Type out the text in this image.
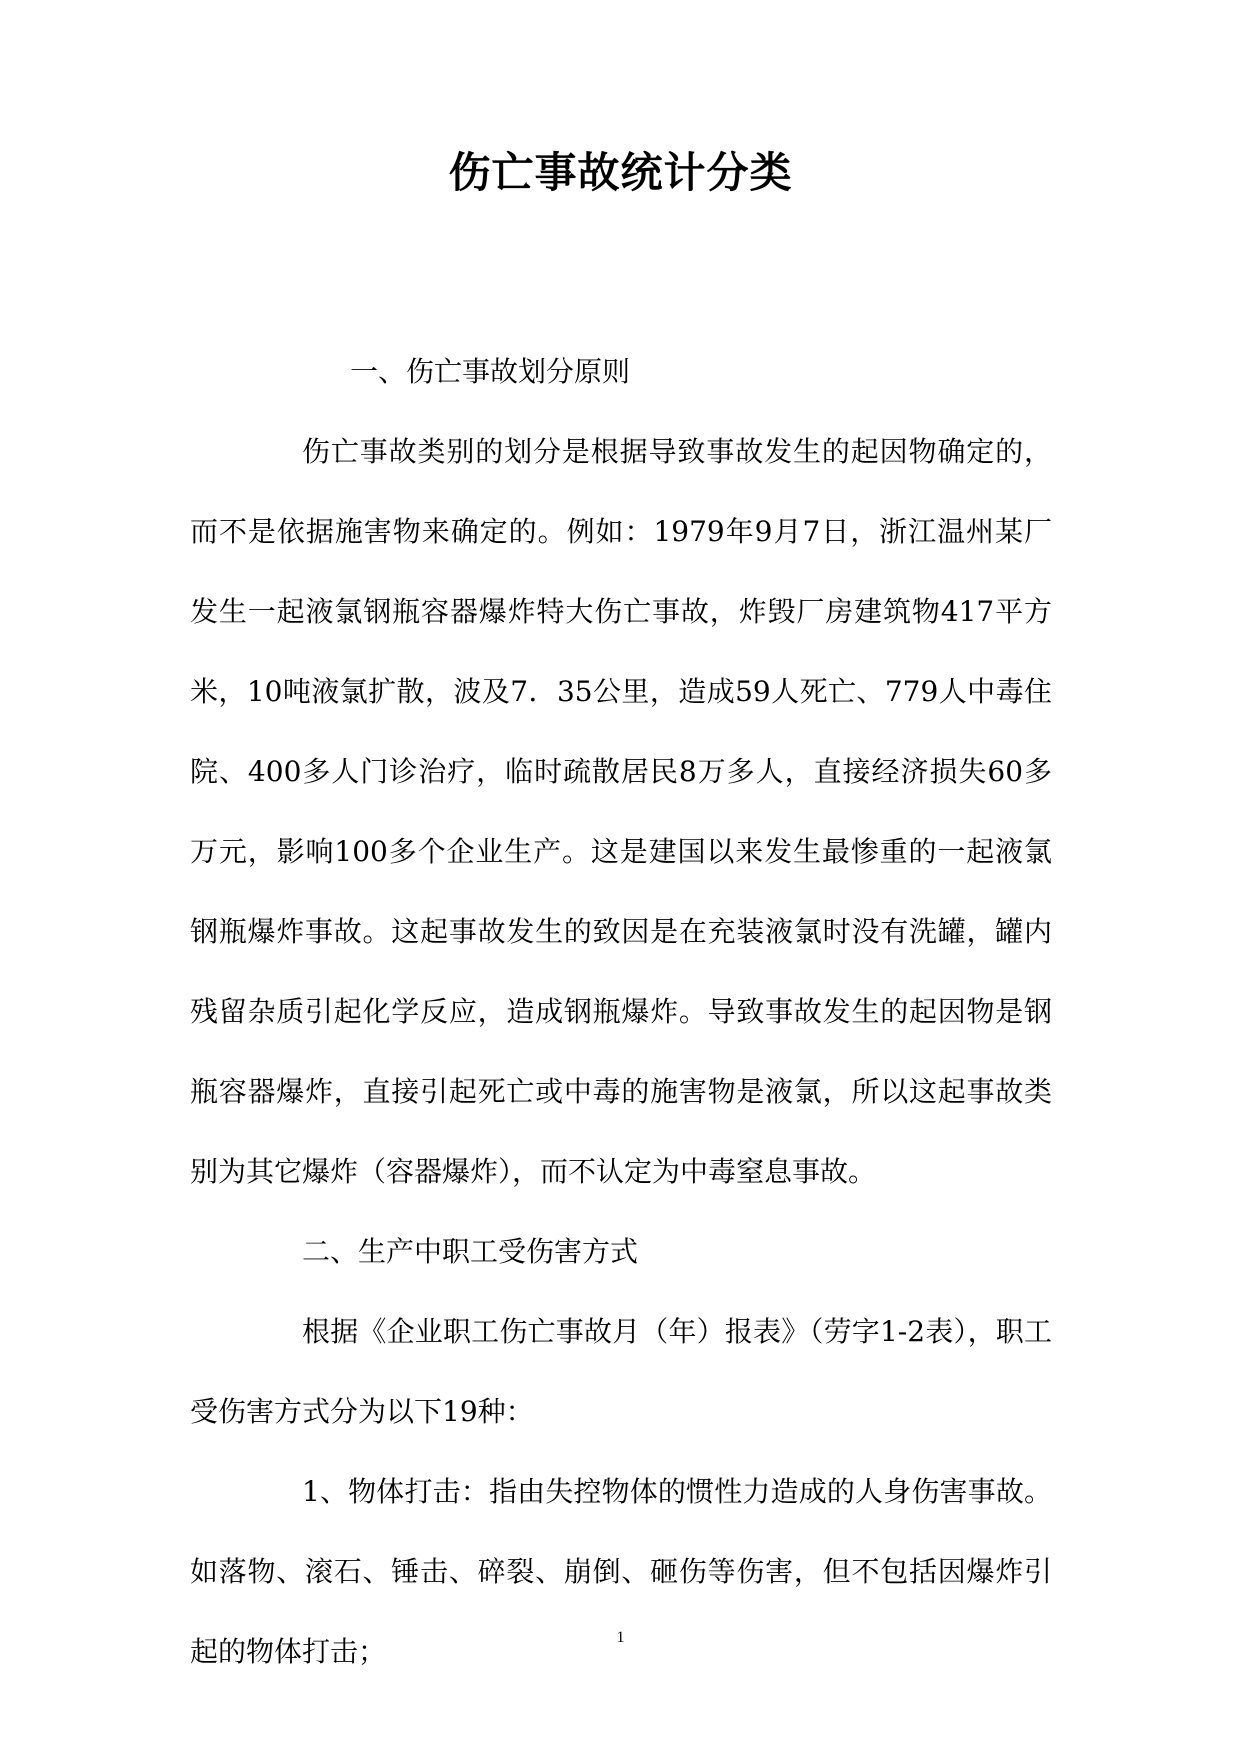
伤亡事故统计分类

一、伤亡事故划分原则

伤亡事故类别的划分是根据导致事故发生的起因物确定的，而不是依据施害物来确定的。例如：1979年9月7日，浙江温州某厂发生一起液氯钢瓶容器爆炸特大伤亡事故，炸毁厂房建筑物417平方米，10吨液氯扩散，波及7．35公里，造成59人死亡、779人中毒住院、400多人门诊治疗，临时疏散居民8万多人，直接经济损失60多万元，影响100多个企业生产。这是建国以来发生最惨重的一起液氯钢瓶爆炸事故。这起事故发生的致因是在充装液氯时没有洗罐，罐内残留杂质引起化学反应，造成钢瓶爆炸。导致事故发生的起因物是钢瓶容器爆炸，直接引起死亡或中毒的施害物是液氯，所以这起事故类别为其它爆炸（容器爆炸），而不认定为中毒窒息事故。

二、生产中职工受伤害方式

根据《企业职工伤亡事故月（年）报表》（劳字1-2表），职工受伤害方式分为以下19种：

1、物体打击：指由失控物体的惯性力造成的人身伤害事故。如落物、滚石、锤击、碎裂、崩倒、砸伤等伤害，但不包括因爆炸引起的物体打击；	1
